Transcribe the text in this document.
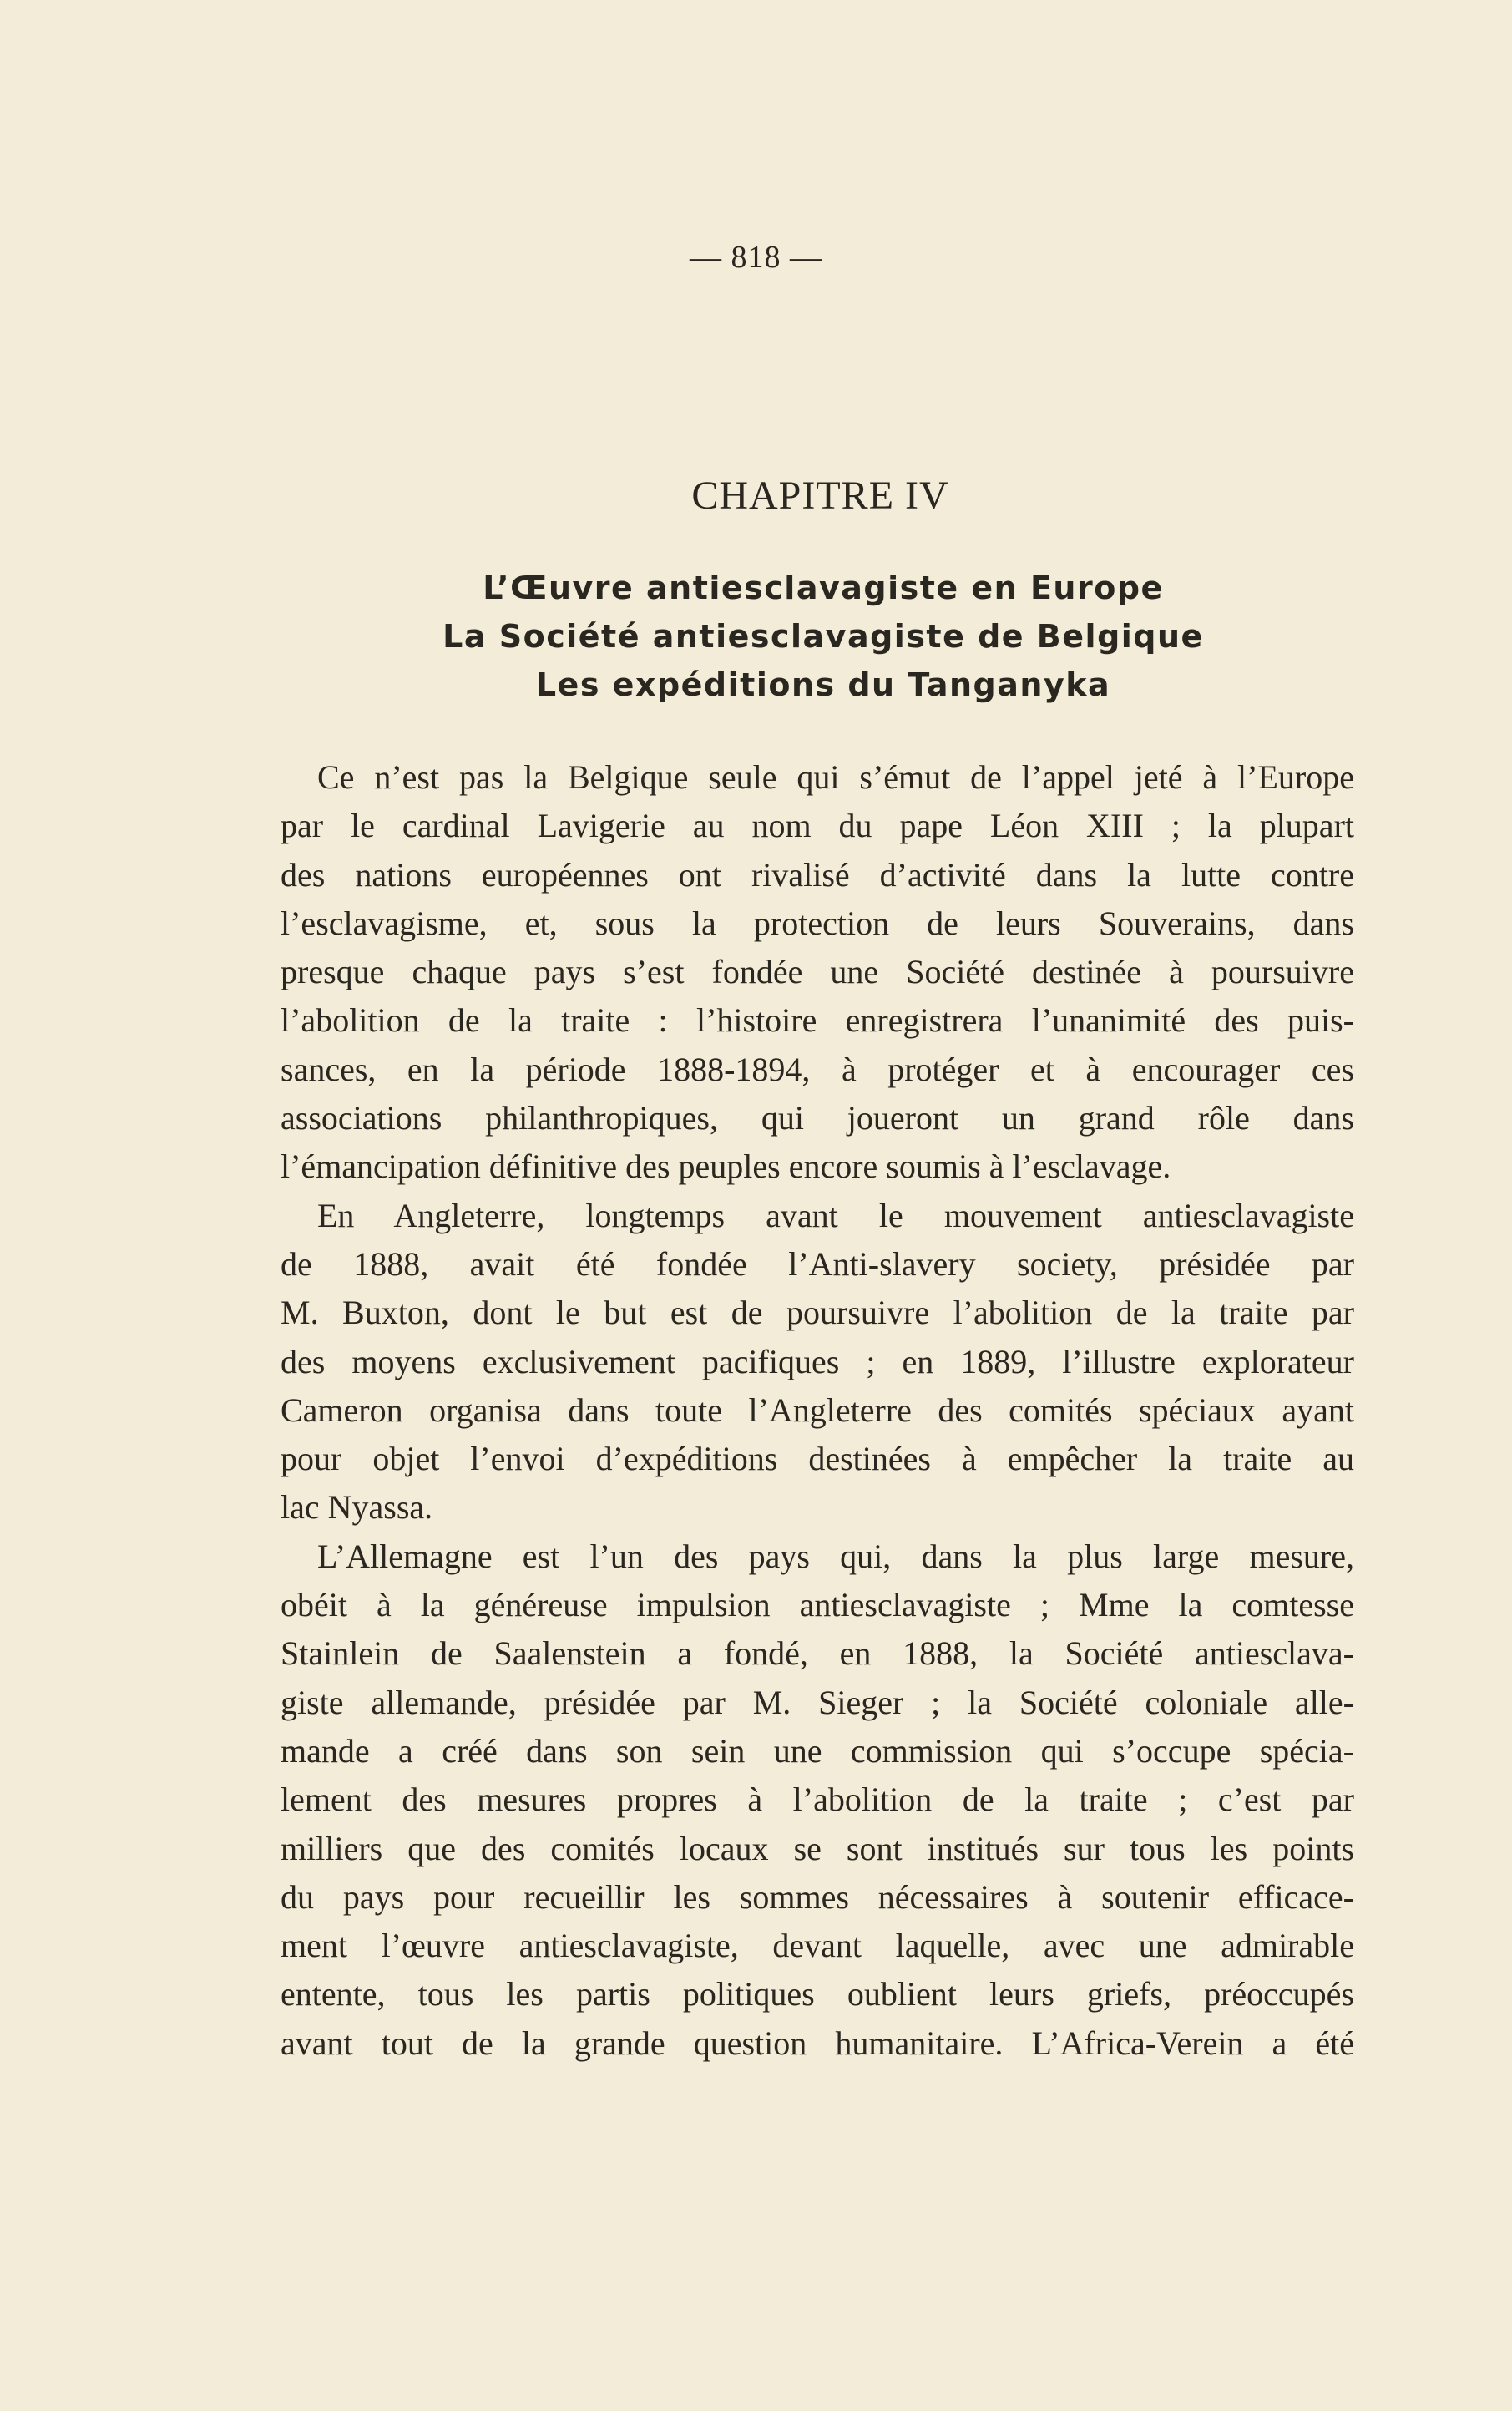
— 818 —
CHAPITRE IV
L’Œuvre antiesclavagiste en Europe
La Société antiesclavagiste de Belgique
Les expéditions du Tanganyka
Ce n’est pas la Belgique seule qui s’émut de l’appel jeté à l’Europe
par le cardinal Lavigerie au nom du pape Léon XIII ; la plupart
des nations européennes ont rivalisé d’activité dans la lutte contre
l’esclavagisme, et, sous la protection de leurs Souverains, dans
presque chaque pays s’est fondée une Société destinée à poursuivre
l’abolition de la traite : l’histoire enregistrera l’unanimité des puis-
sances, en la période 1888-1894, à protéger et à encourager ces
associations philanthropiques, qui joueront un grand rôle dans
l’émancipation définitive des peuples encore soumis à l’esclavage.
En Angleterre, longtemps avant le mouvement antiesclavagiste
de 1888, avait été fondée l’Anti-slavery society, présidée par
M. Buxton, dont le but est de poursuivre l’abolition de la traite par
des moyens exclusivement pacifiques ; en 1889, l’illustre explorateur
Cameron organisa dans toute l’Angleterre des comités spéciaux ayant
pour objet l’envoi d’expéditions destinées à empêcher la traite au
lac Nyassa.
L’Allemagne est l’un des pays qui, dans la plus large mesure,
obéit à la généreuse impulsion antiesclavagiste ; Mme la comtesse
Stainlein de Saalenstein a fondé, en 1888, la Société antiesclava-
giste allemande, présidée par M. Sieger ; la Société coloniale alle-
mande a créé dans son sein une commission qui s’occupe spécia-
lement des mesures propres à l’abolition de la traite ; c’est par
milliers que des comités locaux se sont institués sur tous les points
du pays pour recueillir les sommes nécessaires à soutenir efficace-
ment l’œuvre antiesclavagiste, devant laquelle, avec une admirable
entente, tous les partis politiques oublient leurs griefs, préoccupés
avant tout de la grande question humanitaire. L’Africa-Verein a été
